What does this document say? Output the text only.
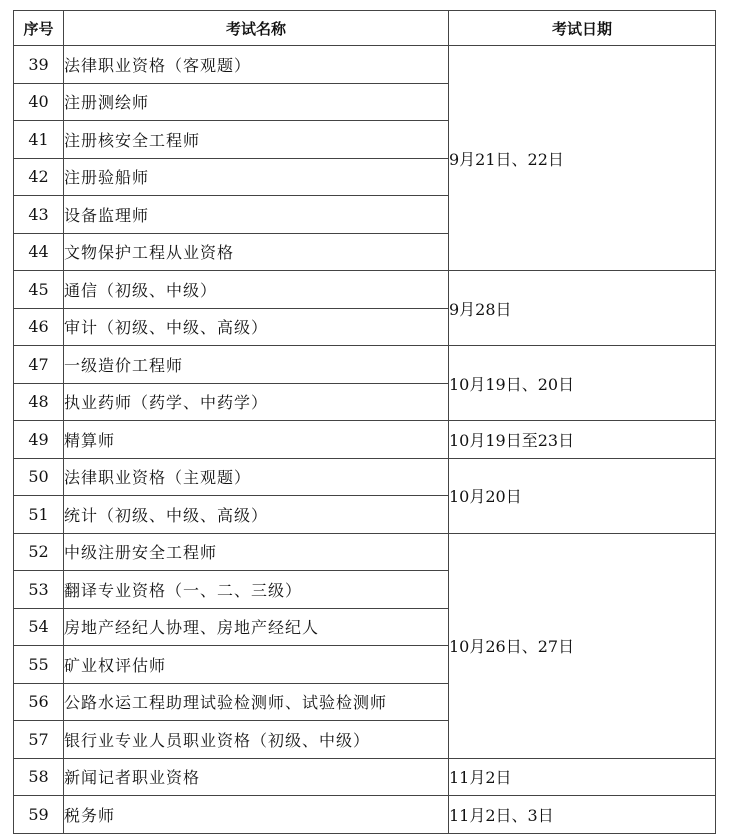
序号	考试名称	考试日期
39	法律职业资格（客观题）	9月21日、22日
40	注册测绘师	
41	注册核安全工程师	
42	注册验船师	
43	设备监理师	
44	文物保护工程从业资格	
45	通信（初级、中级）	9月28日
46	审计（初级、中级、高级）	
47	一级造价工程师	10月19日、20日
48	执业药师（药学、中药学）	
49	精算师	10月19日至23日
50	法律职业资格（主观题）	10月20日
51	统计（初级、中级、高级）	
52	中级注册安全工程师	10月26日、27日
53	翻译专业资格（一、二、三级）	
54	房地产经纪人协理、房地产经纪人	
55	矿业权评估师	
56	公路水运工程助理试验检测师、试验检测师	
57	银行业专业人员职业资格（初级、中级）	
58	新闻记者职业资格	11月2日
59	税务师	11月2日、3日
